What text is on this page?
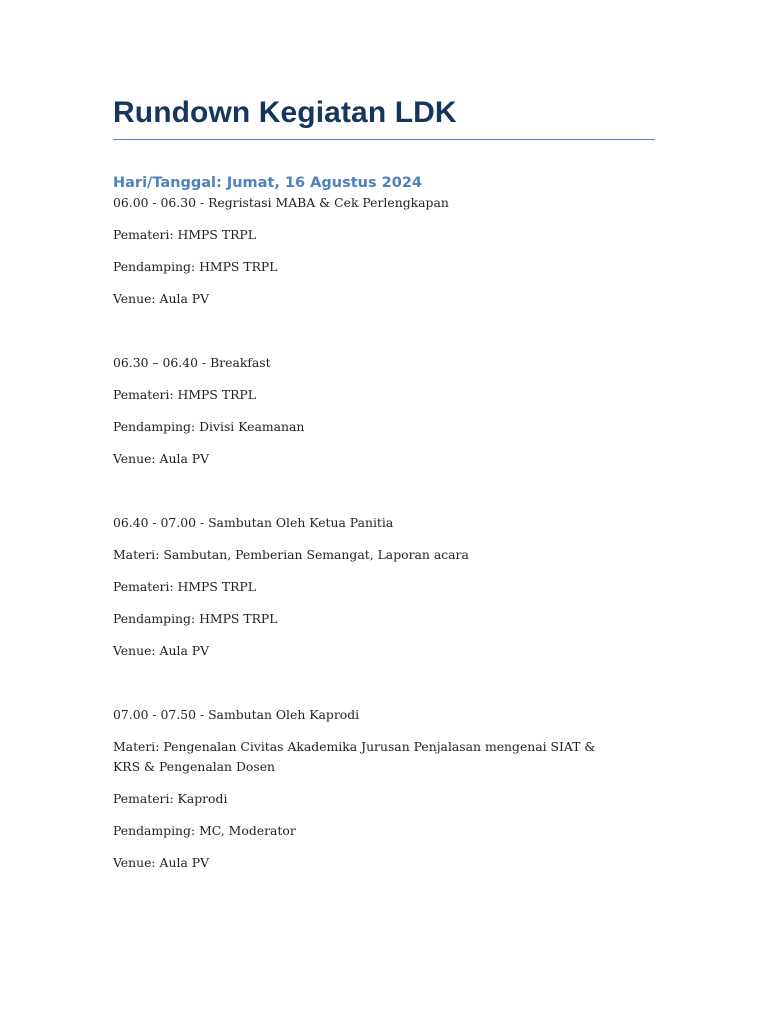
Rundown Kegiatan LDK
Hari/Tanggal: Jumat, 16 Agustus 2024

06.00 - 06.30 - Regristasi MABA & Cek Perlengkapan

Pemateri: HMPS TRPL

Pendamping: HMPS TRPL

Venue: Aula PV

06.30 – 06.40 - Breakfast

Pemateri: HMPS TRPL

Pendamping: Divisi Keamanan

Venue: Aula PV

06.40 - 07.00 - Sambutan Oleh Ketua Panitia

Materi: Sambutan, Pemberian Semangat, Laporan acara

Pemateri: HMPS TRPL

Pendamping: HMPS TRPL

Venue: Aula PV

07.00 - 07.50 - Sambutan Oleh Kaprodi

Materi: Pengenalan Civitas Akademika Jurusan Penjalasan mengenai SIAT & KRS & Pengenalan Dosen

Pemateri: Kaprodi

Pendamping: MC, Moderator

Venue: Aula PV
